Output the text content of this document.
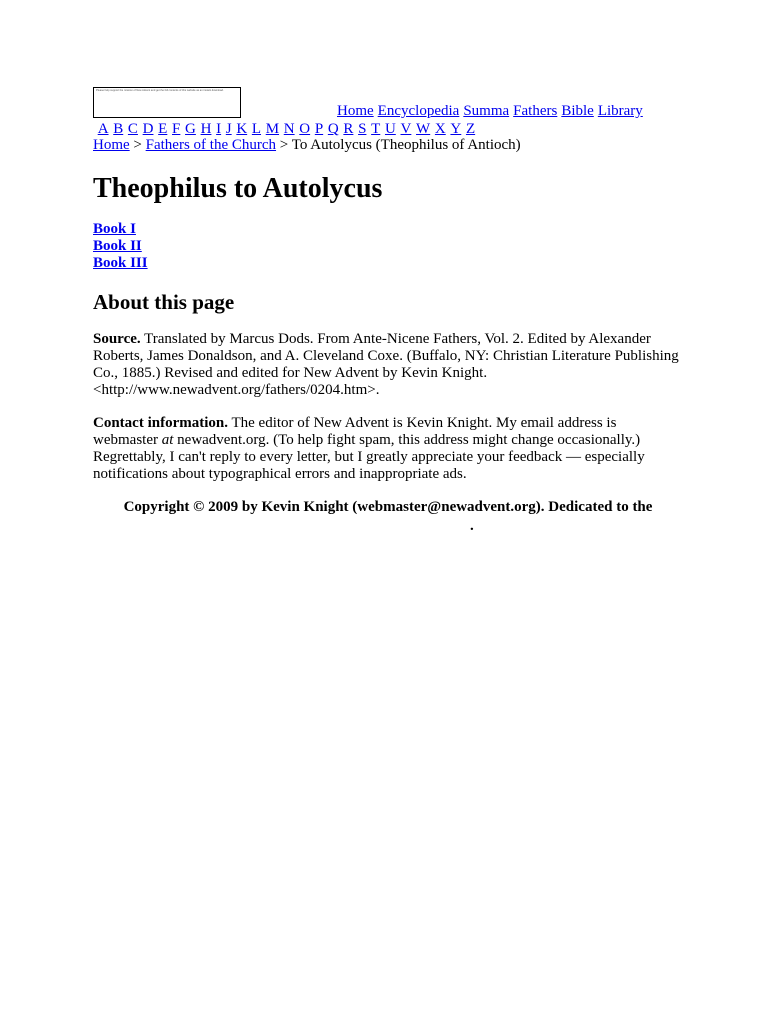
Please help support the mission of New Advent and get the full contents of this website as an instant download.
Home Encyclopedia Summa Fathers Bible Library
A B C D E F G H I J K L M N O P Q R S T U V W X Y Z
Home > Fathers of the Church > To Autolycus (Theophilus of Antioch)
Theophilus to Autolycus
Book I
Book II
Book III
About this page

Source. Translated by Marcus Dods. From Ante-Nicene Fathers, Vol. 2. Edited by Alexander Roberts, James Donaldson, and A. Cleveland Coxe. (Buffalo, NY: Christian Literature Publishing Co., 1885.) Revised and edited for New Advent by Kevin Knight. <http://www.newadvent.org/fathers/0204.htm>.

Contact information. The editor of New Advent is Kevin Knight. My email address is webmaster at newadvent.org. (To help fight spam, this address might change occasionally.) Regrettably, I can't reply to every letter, but I greatly appreciate your feedback — especially notifications about typographical errors and inappropriate ads.

Copyright © 2009 by Kevin Knight (webmaster@newadvent.org). Dedicated to the
.
